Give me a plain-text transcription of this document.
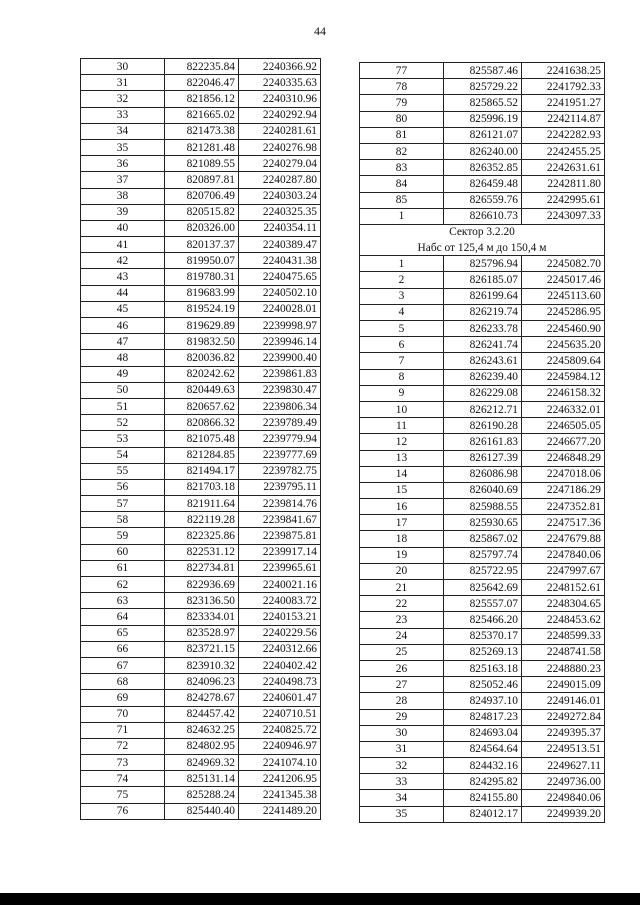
44
30	822235.84	2240366.92
31	822046.47	2240335.63
32	821856.12	2240310.96
33	821665.02	2240292.94
34	821473.38	2240281.61
35	821281.48	2240276.98
36	821089.55	2240279.04
37	820897.81	2240287.80
38	820706.49	2240303.24
39	820515.82	2240325.35
40	820326.00	2240354.11
41	820137.37	2240389.47
42	819950.07	2240431.38
43	819780.31	2240475.65
44	819683.99	2240502.10
45	819524.19	2240028.01
46	819629.89	2239998.97
47	819832.50	2239946.14
48	820036.82	2239900.40
49	820242.62	2239861.83
50	820449.63	2239830.47
51	820657.62	2239806.34
52	820866.32	2239789.49
53	821075.48	2239779.94
54	821284.85	2239777.69
55	821494.17	2239782.75
56	821703.18	2239795.11
57	821911.64	2239814.76
58	822119.28	2239841.67
59	822325.86	2239875.81
60	822531.12	2239917.14
61	822734.81	2239965.61
62	822936.69	2240021.16
63	823136.50	2240083.72
64	823334.01	2240153.21
65	823528.97	2240229.56
66	823721.15	2240312.66
67	823910.32	2240402.42
68	824096.23	2240498.73
69	824278.67	2240601.47
70	824457.42	2240710.51
71	824632.25	2240825.72
72	824802.95	2240946.97
73	824969.32	2241074.10
74	825131.14	2241206.95
75	825288.24	2241345.38
76	825440.40	2241489.20
77	825587.46	2241638.25
78	825729.22	2241792.33
79	825865.52	2241951.27
80	825996.19	2242114.87
81	826121.07	2242282.93
82	826240.00	2242455.25
83	826352.85	2242631.61
84	826459.48	2242811.80
85	826559.76	2242995.61
1	826610.73	2243097.33
Сектор 3.2.20		
Набс от 125,4 м до 150,4 м		
1	825796.94	2245082.70
2	826185.07	2245017.46
3	826199.64	2245113.60
4	826219.74	2245286.95
5	826233.78	2245460.90
6	826241.74	2245635.20
7	826243.61	2245809.64
8	826239.40	2245984.12
9	826229.08	2246158.32
10	826212.71	2246332.01
11	826190.28	2246505.05
12	826161.83	2246677.20
13	826127.39	2246848.29
14	826086.98	2247018.06
15	826040.69	2247186.29
16	825988.55	2247352.81
17	825930.65	2247517.36
18	825867.02	2247679.88
19	825797.74	2247840.06
20	825722.95	2247997.67
21	825642.69	2248152.61
22	825557.07	2248304.65
23	825466.20	2248453.62
24	825370.17	2248599.33
25	825269.13	2248741.58
26	825163.18	2248880.23
27	825052.46	2249015.09
28	824937.10	2249146.01
29	824817.23	2249272.84
30	824693.04	2249395.37
31	824564.64	2249513.51
32	824432.16	2249627.11
33	824295.82	2249736.00
34	824155.80	2249840.06
35	824012.17	2249939.20
